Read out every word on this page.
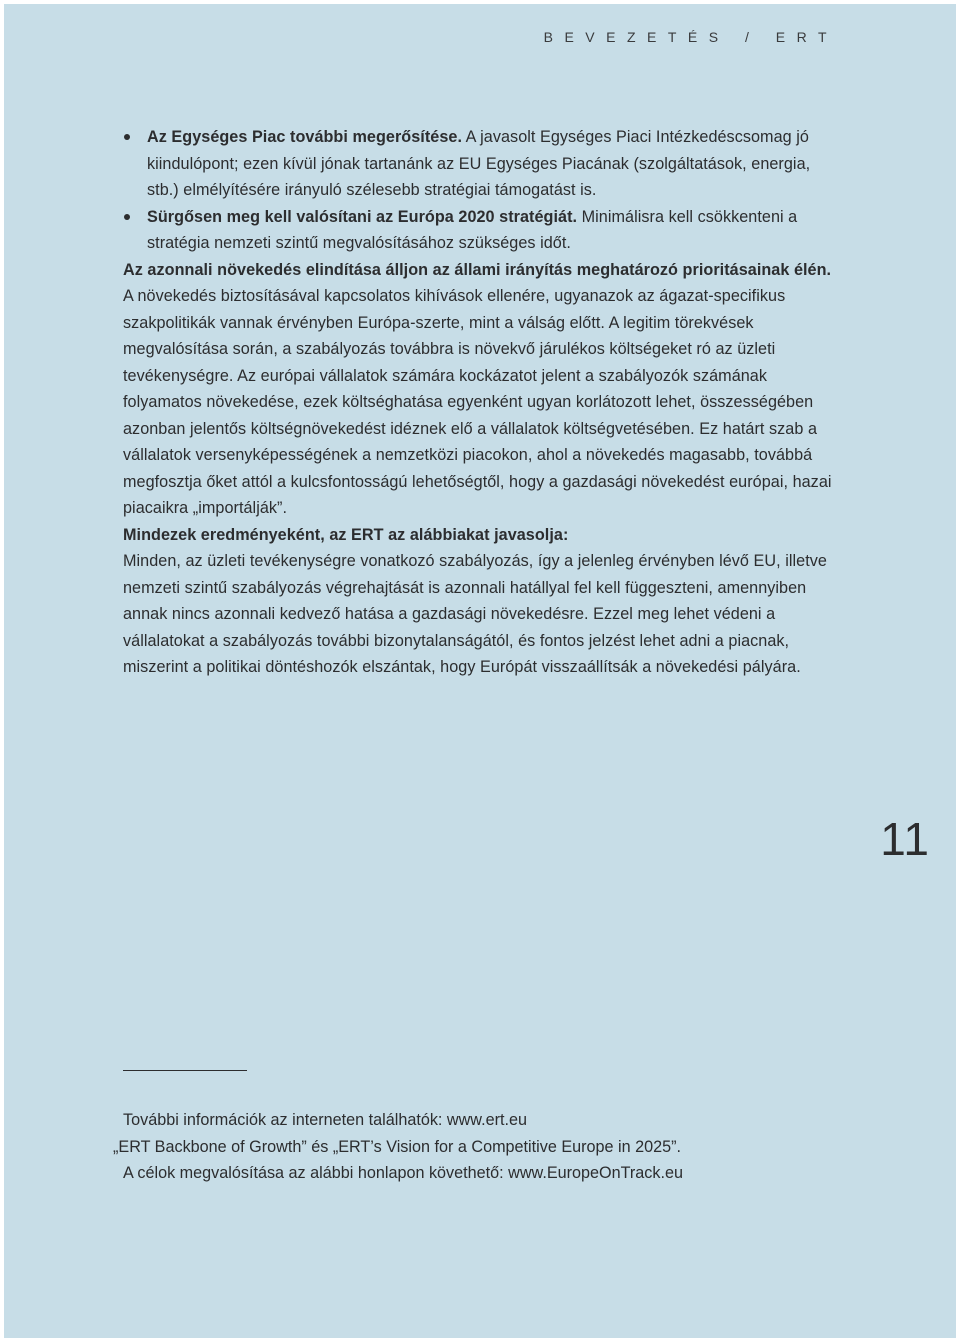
BEVEZETÉS / ERT
Az Egységes Piac további megerősítése. A javasolt Egységes Piaci Intézkedéscsomag jó kiindulópont; ezen kívül jónak tartanánk az EU Egységes Piacának (szolgáltatások, energia, stb.) elmélyítésére irányuló szélesebb stratégiai támogatást is.
Sürgősen meg kell valósítani az Európa 2020 stratégiát. Minimálisra kell csökkenteni a stratégia nemzeti szintű megvalósításához szükséges időt.

Az azonnali növekedés elindítása álljon az állami irányítás meghatározó prioritásainak élén. A növekedés biztosításával kapcsolatos kihívások ellenére, ugyanazok az ágazat-specifikus szakpolitikák vannak érvényben Európa-szerte, mint a válság előtt. A legitim törekvések megvalósítása során, a szabályozás továbbra is növekvő járulékos költségeket ró az üzleti tevékenységre. Az európai vállalatok számára kockázatot jelent a szabályozók számának folyamatos növekedése, ezek költséghatása egyenként ugyan korlátozott lehet, összességében azonban jelentős költségnövekedést idéznek elő a vállalatok költségvetésében. Ez határt szab a vállalatok versenyképességének a nemzetközi piacokon, ahol a növekedés magasabb, továbbá megfosztja őket attól a kulcsfontosságú lehetőségtől, hogy a gazdasági növekedést európai, hazai piacaikra „importálják”.

Mindezek eredményeként, az ERT az alábbiakat javasolja:

Minden, az üzleti tevékenységre vonatkozó szabályozás, így a jelenleg érvényben lévő EU, illetve nemzeti szintű szabályozás végrehajtását is azonnali hatállyal fel kell függeszteni, amennyiben annak nincs azonnali kedvező hatása a gazdasági növekedésre. Ezzel meg lehet védeni a vállalatokat a szabályozás további bizonytalanságától, és fontos jelzést lehet adni a piacnak, miszerint a politikai döntéshozók elszántak, hogy Európát visszaállítsák a növekedési pályára.

11
További információk az interneten találhatók: www.ert.eu
„ERT Backbone of Growth” és „ERT’s Vision for a Competitive Europe in 2025”.
A célok megvalósítása az alábbi honlapon követhető: www.EuropeOnTrack.eu
